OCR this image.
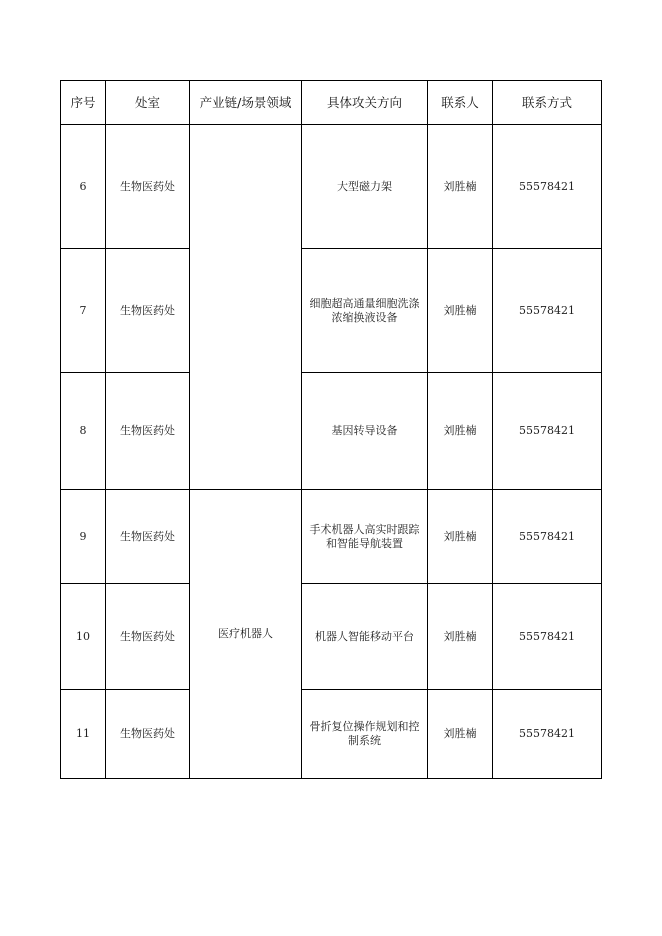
序号	处室	产业链/场景领域	具体攻关方向	联系人	联系方式
6	生物医药处		大型磁力架	刘胜楠	55578421
7	生物医药处		细胞超高通量细胞洗涤浓缩换液设备	刘胜楠	55578421
8	生物医药处		基因转导设备	刘胜楠	55578421
9	生物医药处	医疗机器人	手术机器人高实时跟踪和智能导航装置	刘胜楠	55578421
10	生物医药处		机器人智能移动平台	刘胜楠	55578421
11	生物医药处		骨折复位操作规划和控制系统	刘胜楠	55578421
